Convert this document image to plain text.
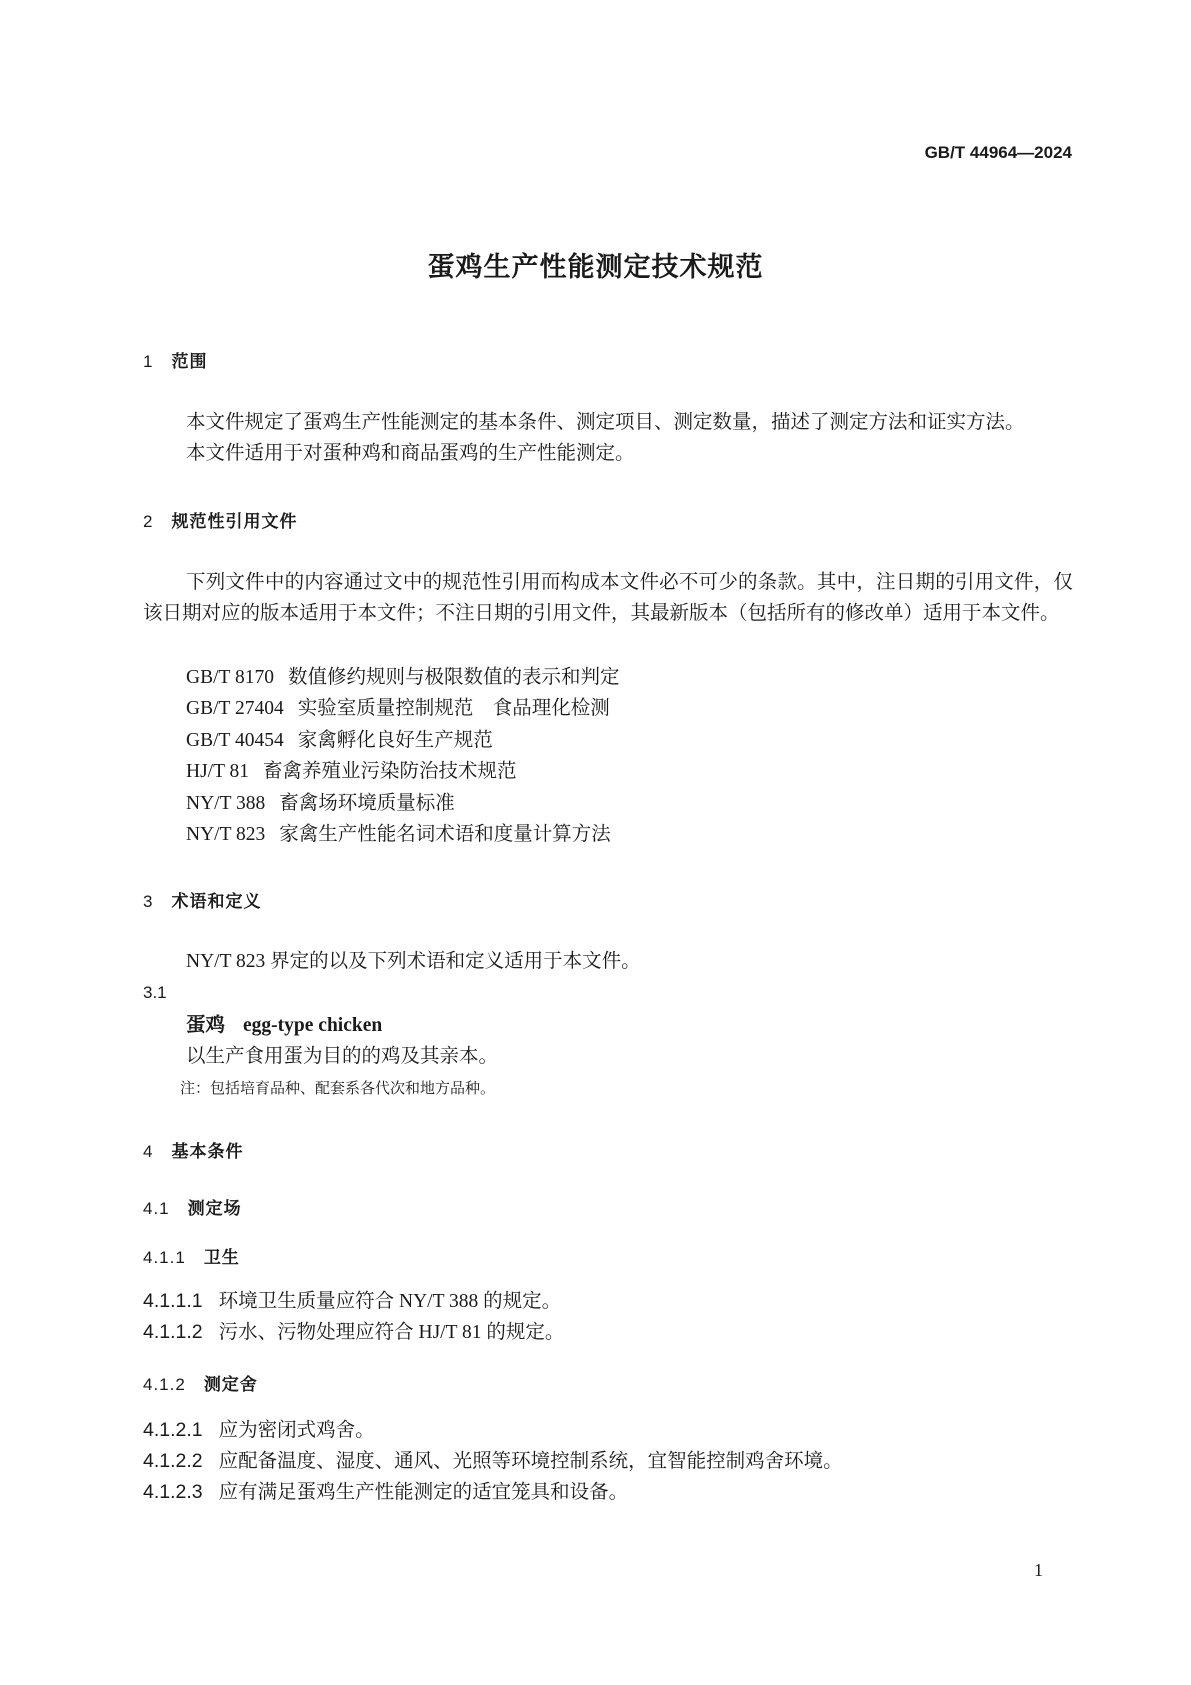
GB/T 44964—2024
蛋鸡生产性能测定技术规范
1 范围
本文件规定了蛋鸡生产性能测定的基本条件、测定项目、测定数量，描述了测定方法和证实方法。
本文件适用于对蛋种鸡和商品蛋鸡的生产性能测定。
2 规范性引用文件
下列文件中的内容通过文中的规范性引用而构成本文件必不可少的条款。其中，注日期的引用文件，仅该日期对应的版本适用于本文件；不注日期的引用文件，其最新版本（包括所有的修改单）适用于本文件。
GB/T 8170 数值修约规则与极限数值的表示和判定
GB/T 27404 实验室质量控制规范　食品理化检测
GB/T 40454 家禽孵化良好生产规范
HJ/T 81 畜禽养殖业污染防治技术规范
NY/T 388 畜禽场环境质量标准
NY/T 823 家禽生产性能名词术语和度量计算方法
3 术语和定义
NY/T 823 界定的以及下列术语和定义适用于本文件。
3.1
蛋鸡 egg-type chicken
以生产食用蛋为目的的鸡及其亲本。
注：包括培育品种、配套系各代次和地方品种。
4 基本条件
4.1 测定场
4.1.1 卫生
4.1.1.1 环境卫生质量应符合 NY/T 388 的规定。
4.1.1.2 污水、污物处理应符合 HJ/T 81 的规定。
4.1.2 测定舍
4.1.2.1 应为密闭式鸡舍。
4.1.2.2 应配备温度、湿度、通风、光照等环境控制系统，宜智能控制鸡舍环境。
4.1.2.3 应有满足蛋鸡生产性能测定的适宜笼具和设备。
1
